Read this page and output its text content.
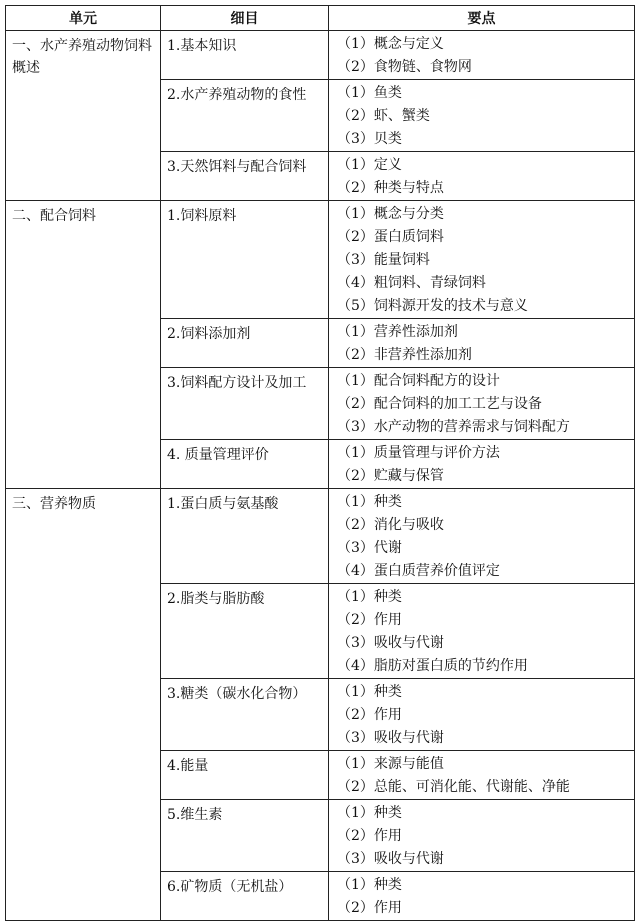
单元	细目	要点

一、水产养殖动物饲料概述	1.基本知识	（1）概念与定义
（2）食物链、食物网

	2.水产养殖动物的食性	（1）鱼类
（2）虾、蟹类
（3）贝类

	3.天然饵料与配合饲料	（1）定义
（2）种类与特点

二、配合饲料	1.饲料原料	（1）概念与分类
（2）蛋白质饲料
（3）能量饲料
（4）粗饲料、青绿饲料
（5）饲料源开发的技术与意义

	2.饲料添加剂	（1）营养性添加剂
（2）非营养性添加剂

	3.饲料配方设计及加工	（1）配合饲料配方的设计
（2）配合饲料的加工工艺与设备
（3）水产动物的营养需求与饲料配方

	4. 质量管理评价	（1）质量管理与评价方法
（2）贮藏与保管

三、营养物质	1.蛋白质与氨基酸	（1）种类
（2）消化与吸收
（3）代谢
（4）蛋白质营养价值评定

	2.脂类与脂肪酸	（1）种类
（2）作用
（3）吸收与代谢
（4）脂肪对蛋白质的节约作用

	3.糖类（碳水化合物）	（1）种类
（2）作用
（3）吸收与代谢

	4.能量	（1）来源与能值
（2）总能、可消化能、代谢能、净能

	5.维生素	（1）种类
（2）作用
（3）吸收与代谢

	6.矿物质（无机盐）	（1）种类
（2）作用
